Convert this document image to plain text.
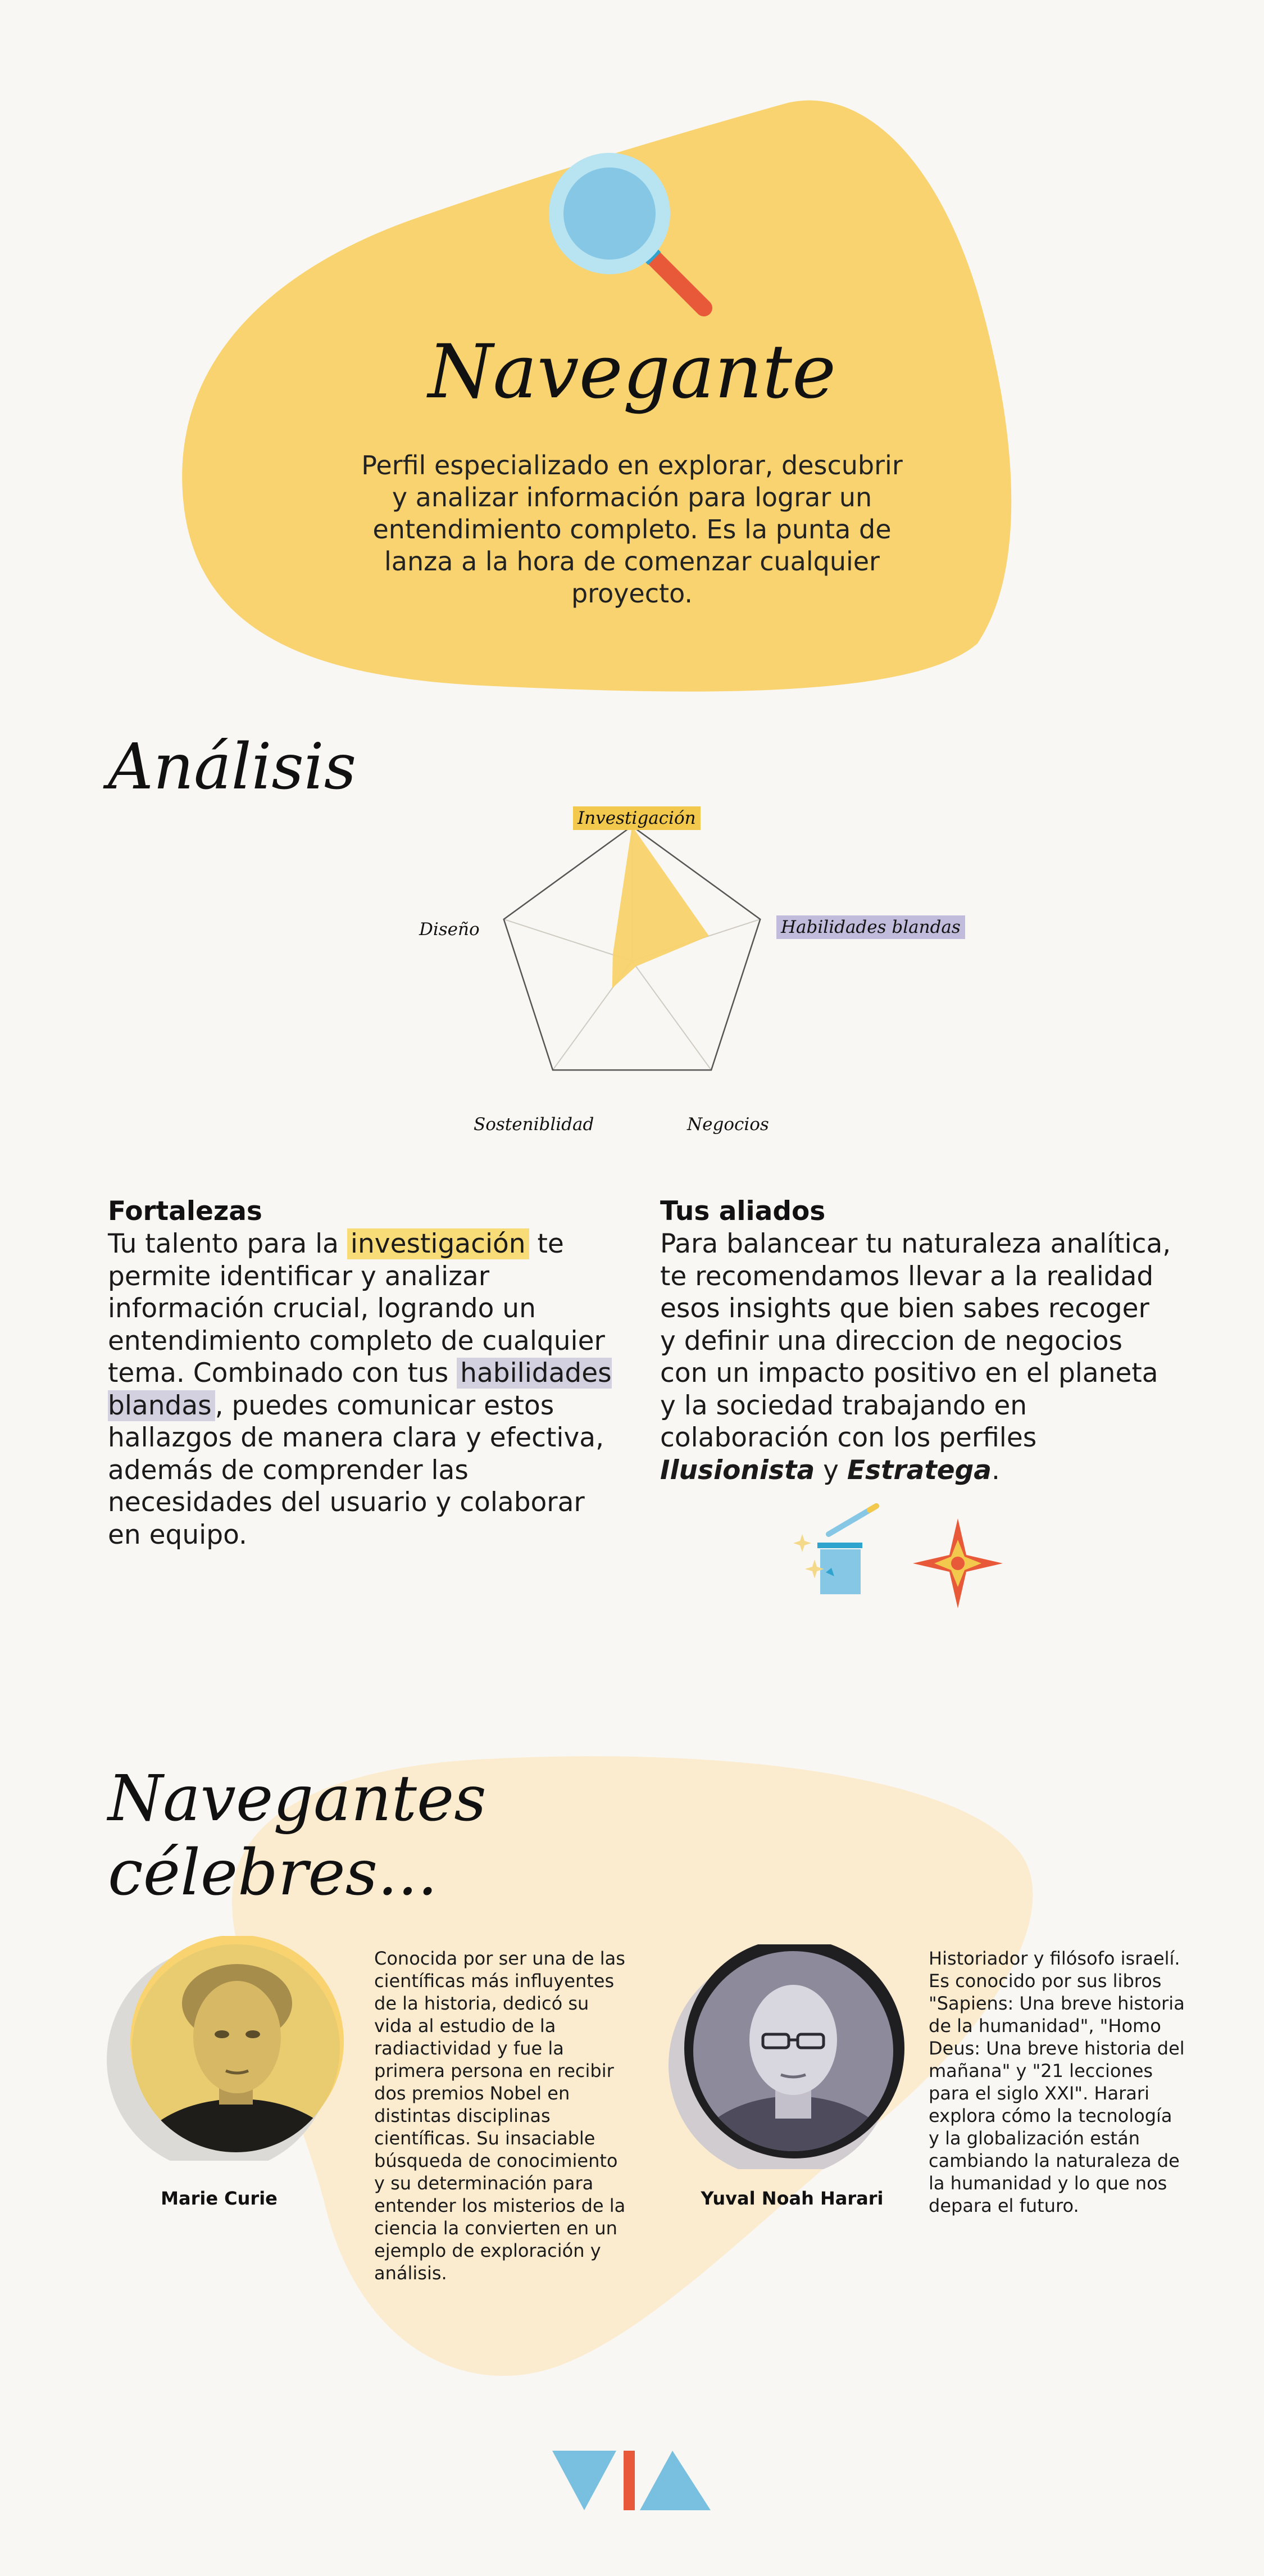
Navegante
Perfil especializado en explorar, descubrir y analizar información para lograr un entendimiento completo. Es la punta de lanza a la hora de comenzar cualquier proyecto.
Análisis
Investigación
Habilidades blandas
Negocios
Sosteniblidad
Diseño
Fortalezas
Tu talento para la investigación te permite identificar y analizar información crucial, logrando un entendimiento completo de cualquier tema. Combinado con tus habilidades blandas , puedes comunicar estos hallazgos de manera clara y efectiva, además de comprender las necesidades del usuario y colaborar en equipo.
Tus aliados
Para balancear tu naturaleza analítica, te recomendamos llevar a la realidad esos insights que bien sabes recoger y definir una direccion de negocios con un impacto positivo en el planeta y la sociedad trabajando en colaboración con los perfiles Ilusionista y Estratega.
Navegantes célebres...
Marie Curie
Conocida por ser una de las científicas más influyentes de la historia, dedicó su vida al estudio de la radiactividad y fue la primera persona en recibir dos premios Nobel en distintas disciplinas científicas. Su insaciable búsqueda de conocimiento y su determinación para entender los misterios de la ciencia la convierten en un ejemplo de exploración y análisis.
Yuval Noah Harari
Historiador y filósofo israelí. Es conocido por sus libros "Sapiens: Una breve historia de la humanidad", "Homo Deus: Una breve historia del mañana" y "21 lecciones para el siglo XXI". Harari explora cómo la tecnología y la globalización están cambiando la naturaleza de la humanidad y lo que nos depara el futuro.
